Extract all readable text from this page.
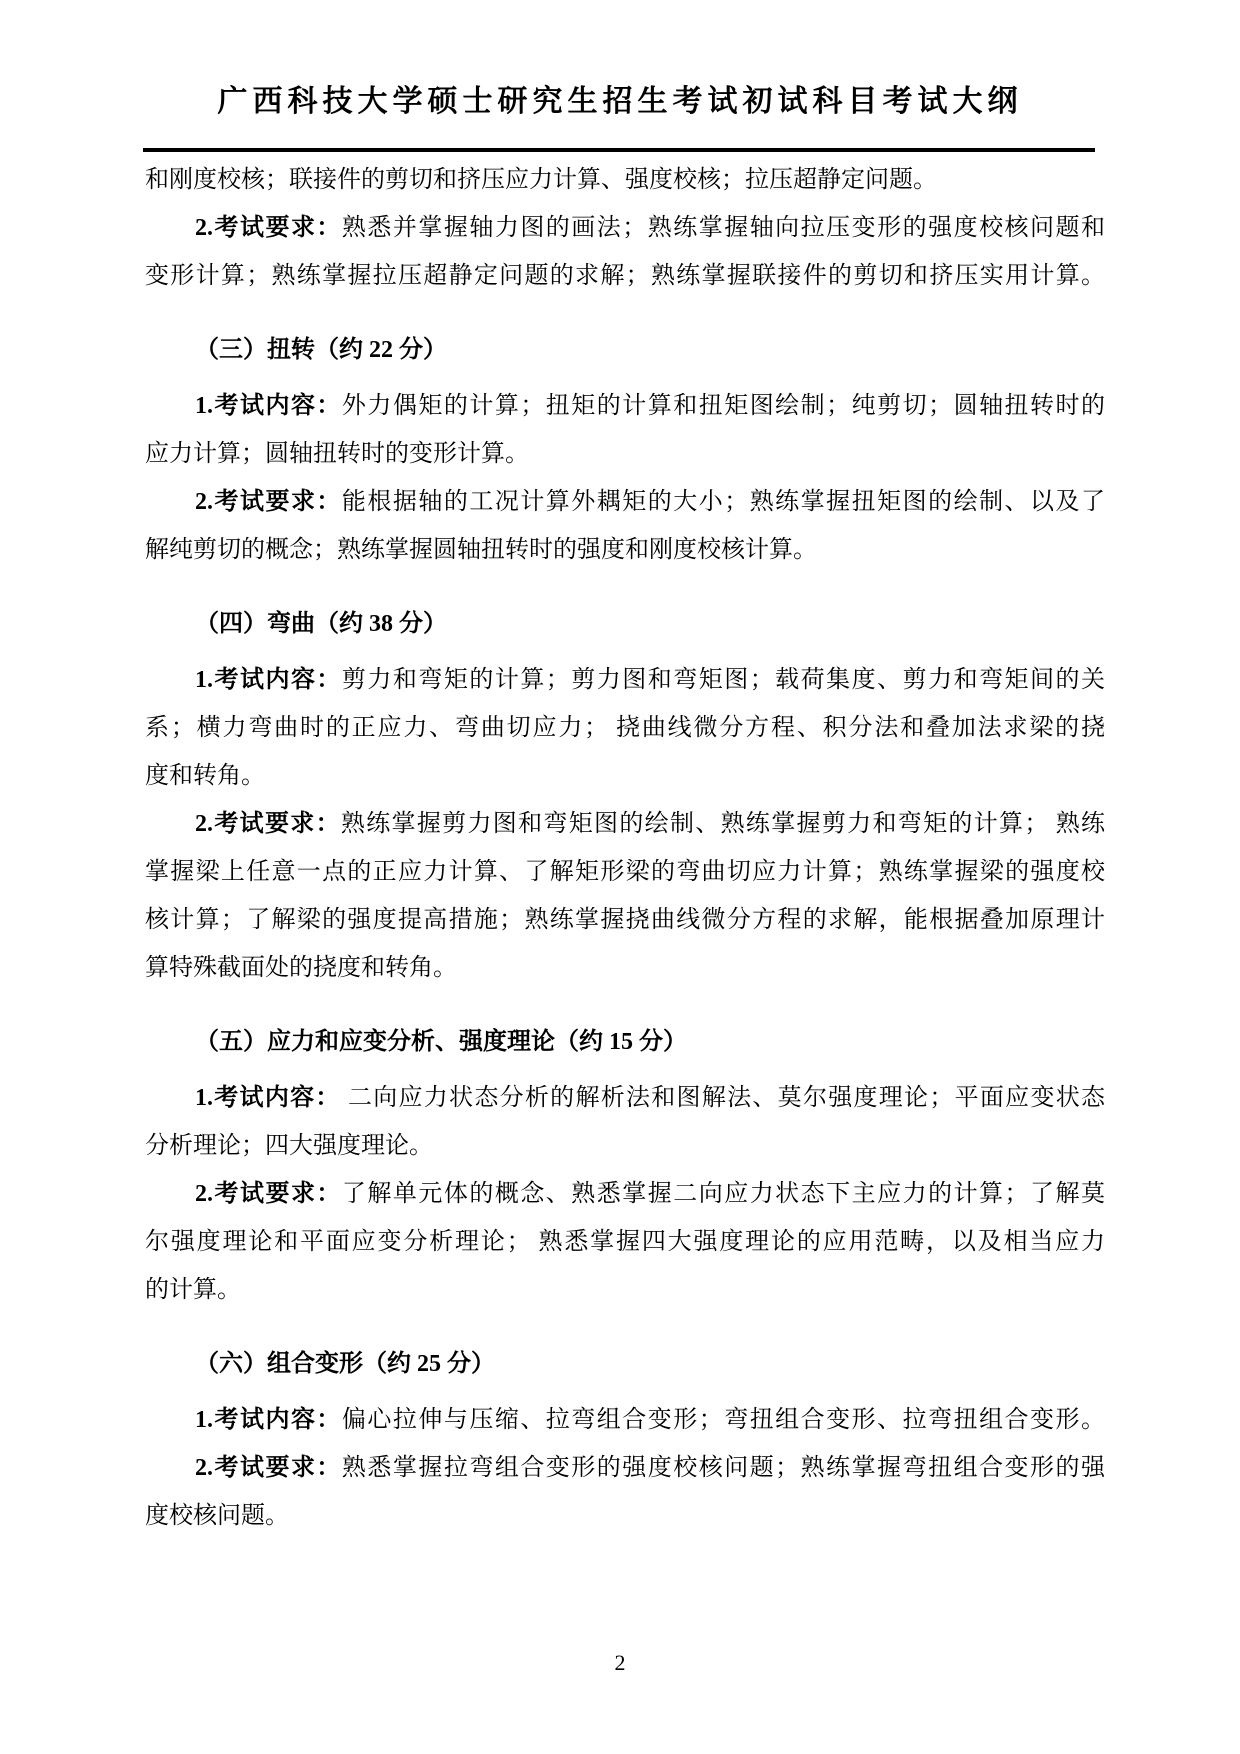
广西科技大学硕士研究生招生考试初试科目考试大纲
和刚度校核；联接件的剪切和挤压应力计算、强度校核；拉压超静定问题。
2.考试要求：熟悉并掌握轴力图的画法；熟练掌握轴向拉压变形的强度校核问题和
变形计算；熟练掌握拉压超静定问题的求解；熟练掌握联接件的剪切和挤压实用计算。
（三）扭转（约 22 分）
1.考试内容：外力偶矩的计算；扭矩的计算和扭矩图绘制；纯剪切；圆轴扭转时的
应力计算；圆轴扭转时的变形计算。
2.考试要求：能根据轴的工况计算外耦矩的大小；熟练掌握扭矩图的绘制、以及了
解纯剪切的概念；熟练掌握圆轴扭转时的强度和刚度校核计算。
（四）弯曲（约 38 分）
1.考试内容：剪力和弯矩的计算；剪力图和弯矩图；载荷集度、剪力和弯矩间的关
系；横力弯曲时的正应力、弯曲切应力； 挠曲线微分方程、积分法和叠加法求梁的挠
度和转角。
2.考试要求：熟练掌握剪力图和弯矩图的绘制、熟练掌握剪力和弯矩的计算； 熟练
掌握梁上任意一点的正应力计算、了解矩形梁的弯曲切应力计算；熟练掌握梁的强度校
核计算；了解梁的强度提高措施；熟练掌握挠曲线微分方程的求解，能根据叠加原理计
算特殊截面处的挠度和转角。
（五）应力和应变分析、强度理论（约 15 分）
1.考试内容： 二向应力状态分析的解析法和图解法、莫尔强度理论；平面应变状态
分析理论；四大强度理论。
2.考试要求：了解单元体的概念、熟悉掌握二向应力状态下主应力的计算；了解莫
尔强度理论和平面应变分析理论； 熟悉掌握四大强度理论的应用范畴，以及相当应力
的计算。
（六）组合变形（约 25 分）
1.考试内容：偏心拉伸与压缩、拉弯组合变形；弯扭组合变形、拉弯扭组合变形。
2.考试要求：熟悉掌握拉弯组合变形的强度校核问题；熟练掌握弯扭组合变形的强
度校核问题。
2
